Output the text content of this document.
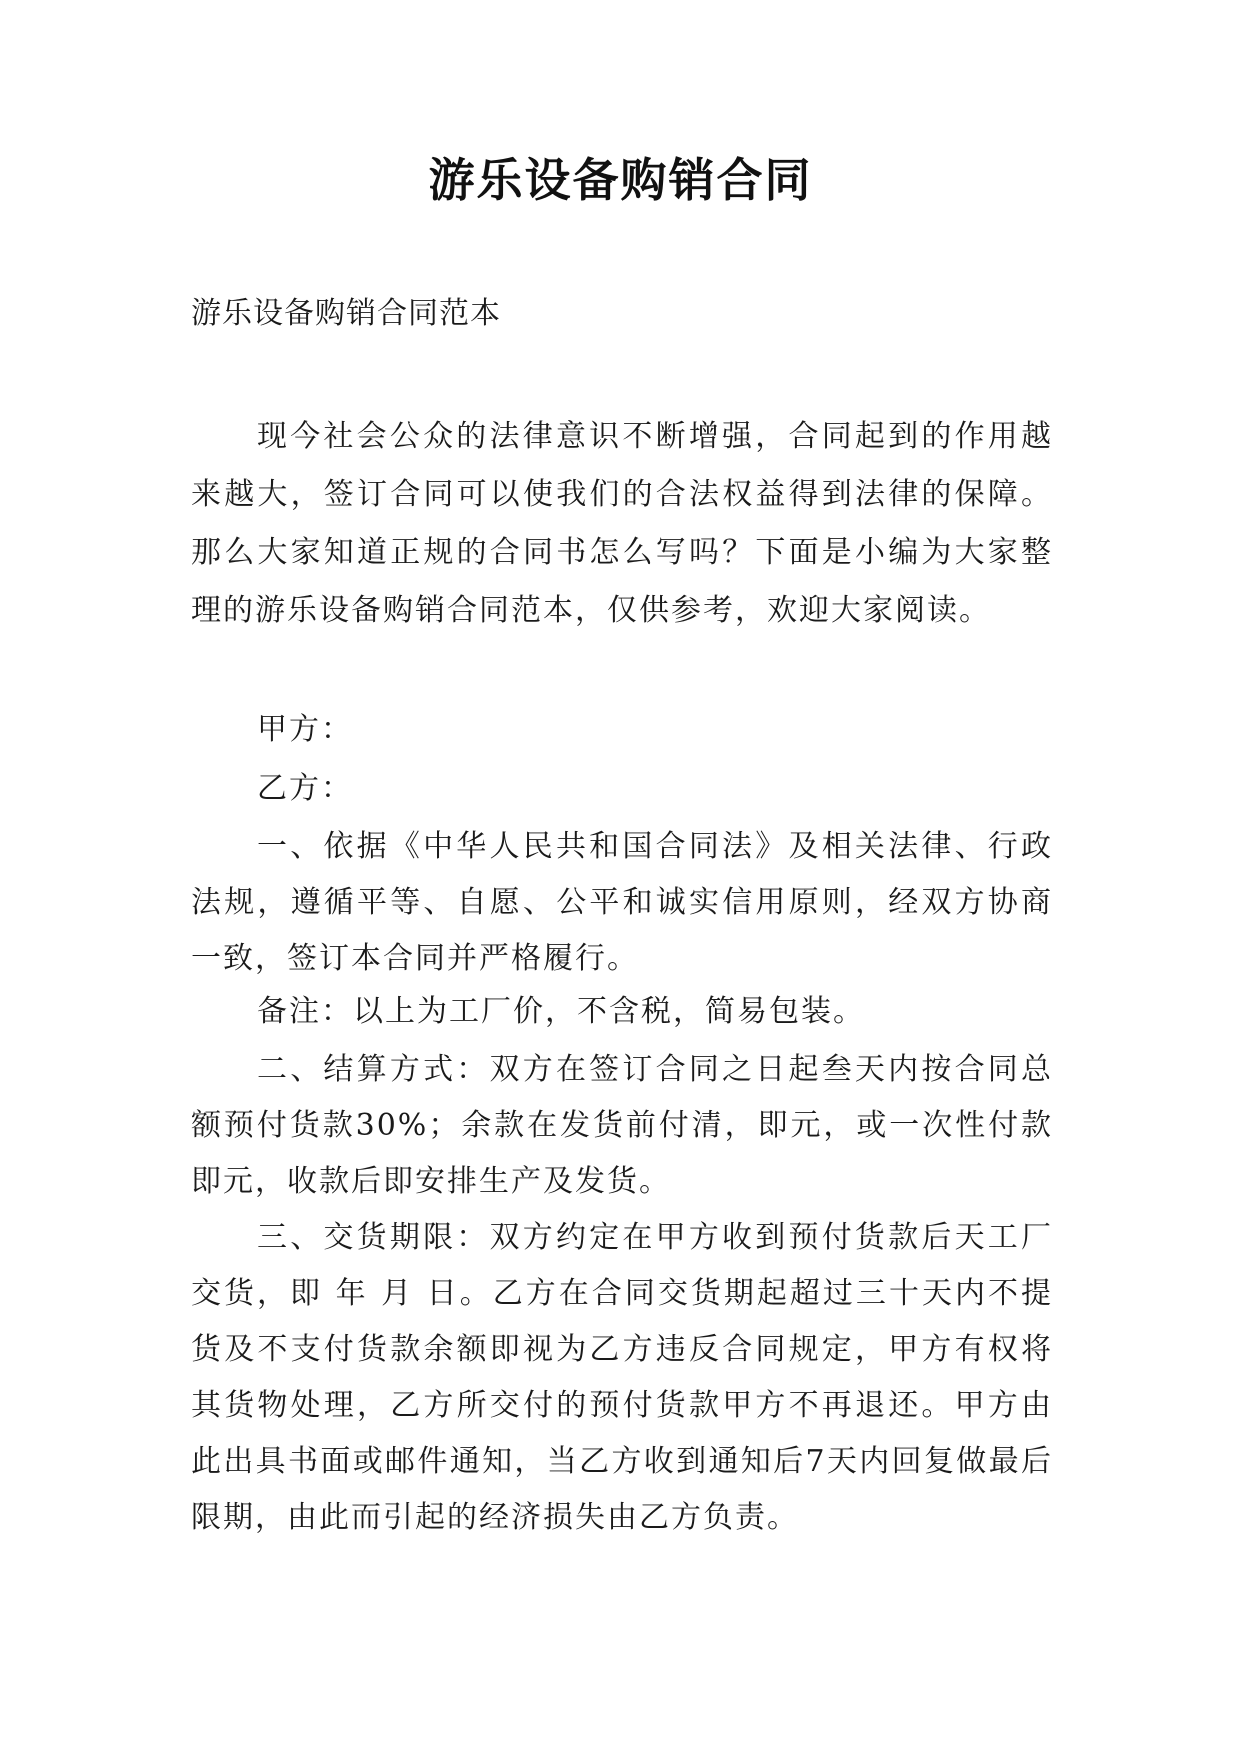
游乐设备购销合同
游乐设备购销合同范本
现今社会公众的法律意识不断增强，合同起到的作用越来越大，签订合同可以使我们的合法权益得到法律的保障。那么大家知道正规的合同书怎么写吗？下面是小编为大家整理的游乐设备购销合同范本，仅供参考，欢迎大家阅读。
甲方：
乙方：
一、依据《中华人民共和国合同法》及相关法律、行政法规，遵循平等、自愿、公平和诚实信用原则，经双方协商一致，签订本合同并严格履行。
备注：以上为工厂价，不含税，简易包装。
二、结算方式：双方在签订合同之日起叁天内按合同总额预付货款30%；余款在发货前付清，即元，或一次性付款即元，收款后即安排生产及发货。
三、交货期限：双方约定在甲方收到预付货款后天工厂交货，即 年 月 日。乙方在合同交货期起超过三十天内不提货及不支付货款余额即视为乙方违反合同规定，甲方有权将其货物处理，乙方所交付的预付货款甲方不再退还。甲方由此出具书面或邮件通知，当乙方收到通知后7天内回复做最后限期，由此而引起的经济损失由乙方负责。
